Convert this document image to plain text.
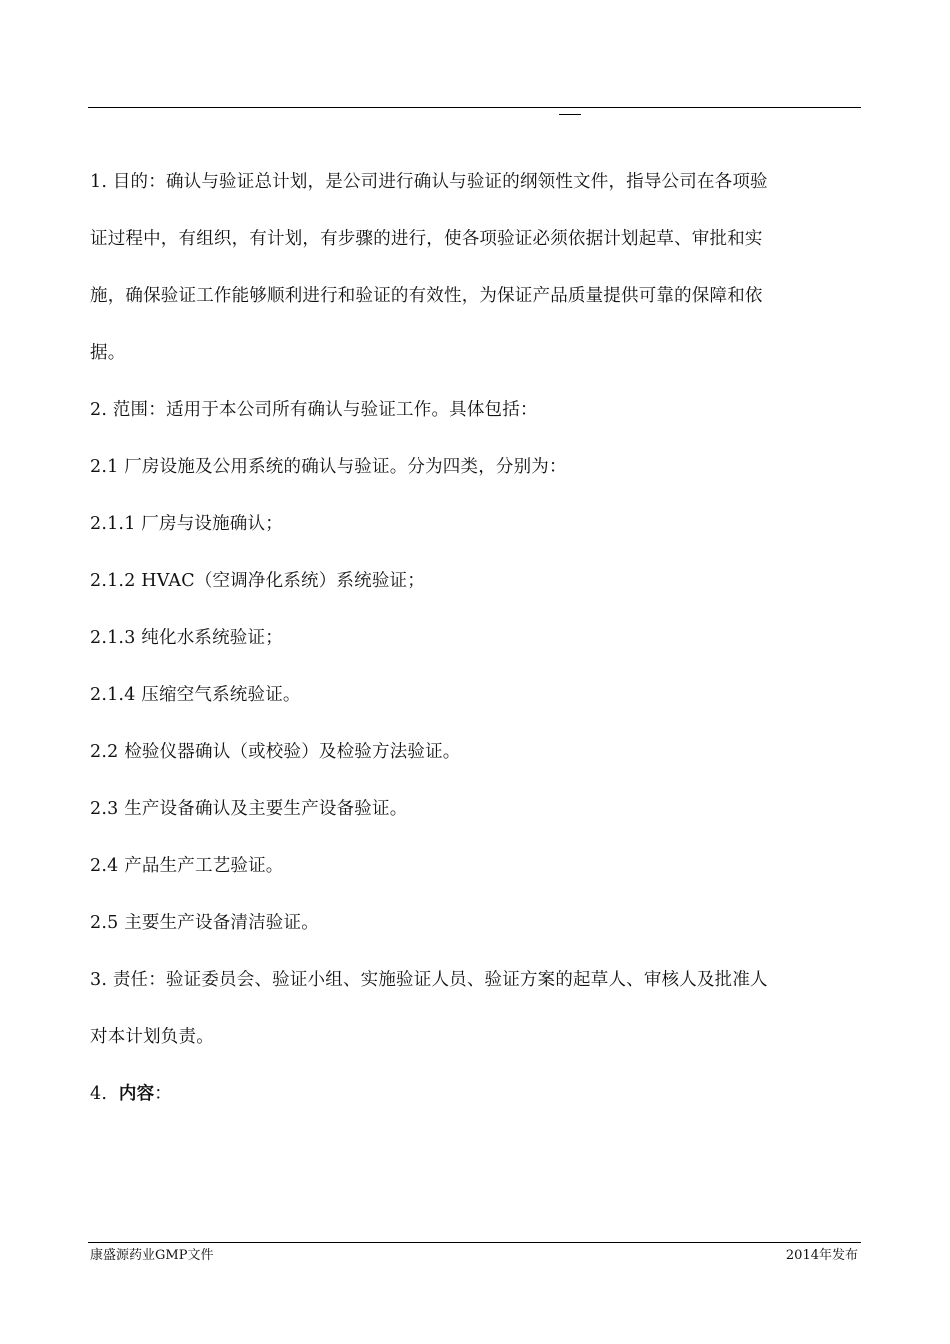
1. 目的：确认与验证总计划，是公司进行确认与验证的纲领性文件，指导公司在各项验
证过程中，有组织，有计划，有步骤的进行，使各项验证必须依据计划起草、审批和实
施，确保验证工作能够顺利进行和验证的有效性，为保证产品质量提供可靠的保障和依
据。
2. 范围：适用于本公司所有确认与验证工作。具体包括：
2.1 厂房设施及公用系统的确认与验证。分为四类，分别为：
2.1.1 厂房与设施确认；
2.1.2 HVAC（空调净化系统）系统验证；
2.1.3 纯化水系统验证；
2.1.4 压缩空气系统验证。
2.2 检验仪器确认（或校验）及检验方法验证。
2.3 生产设备确认及主要生产设备验证。
2.4 产品生产工艺验证。
2.5 主要生产设备清洁验证。
3. 责任：验证委员会、验证小组、实施验证人员、验证方案的起草人、审核人及批准人
对本计划负责。
4. 内容：
康盛源药业GMP文件	2014年发布
